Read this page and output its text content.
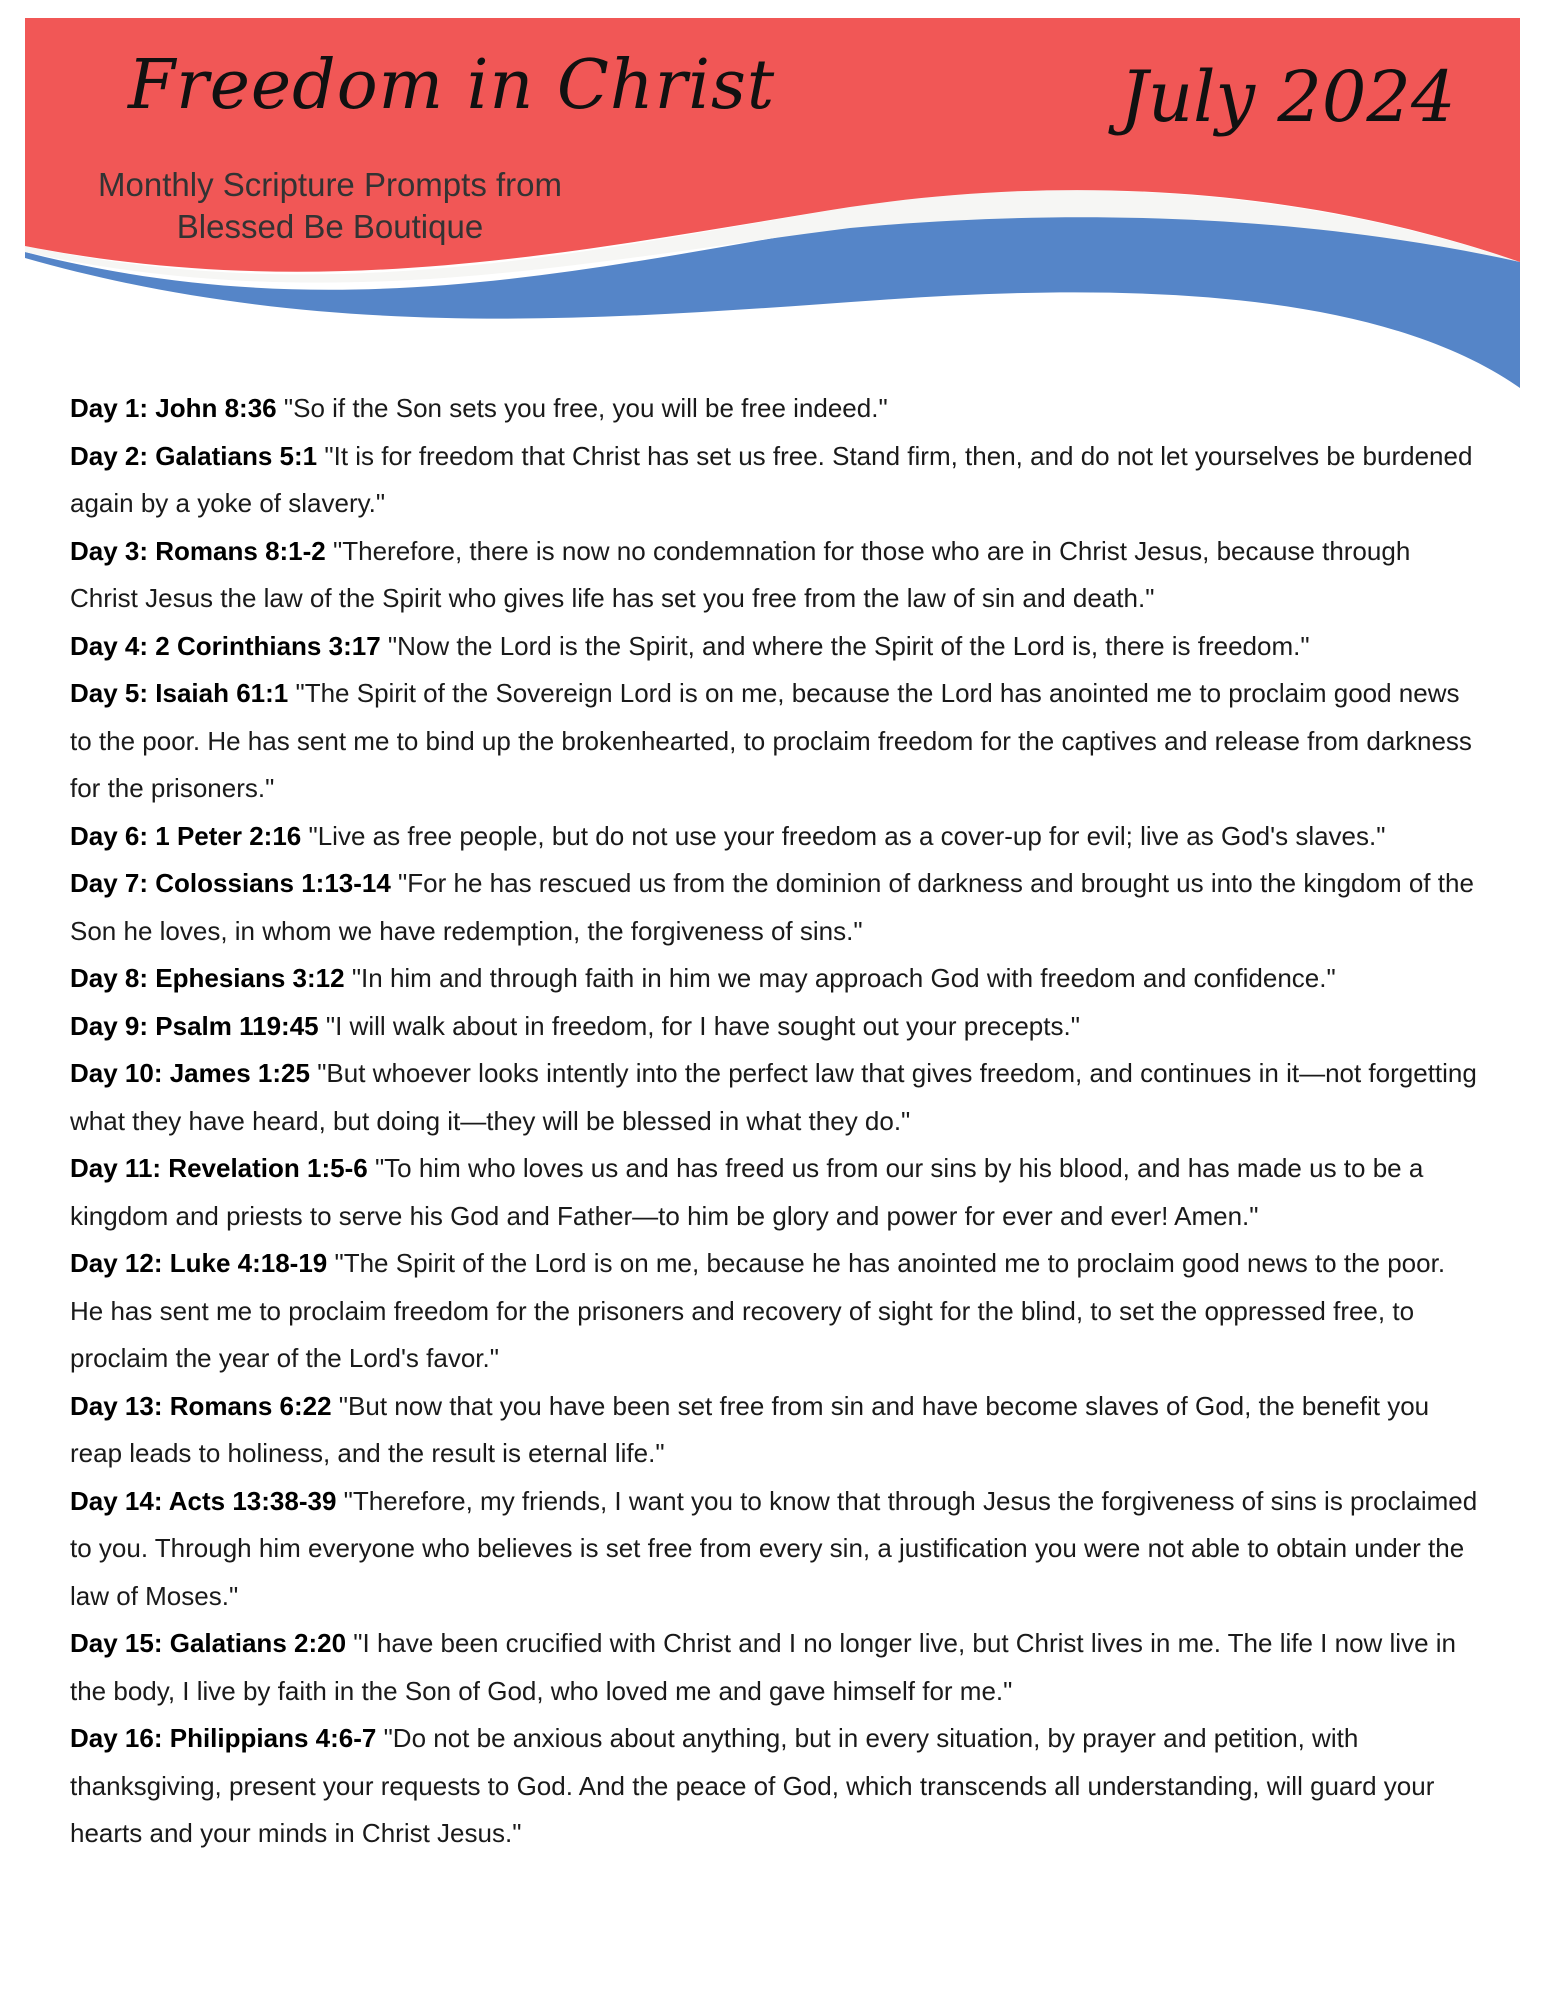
Freedom in Christ
Monthly Scripture Prompts from
Blessed Be Boutique
July 2024
Day 1: John 8:36 "So if the Son sets you free, you will be free indeed."
Day 2: Galatians 5:1 "It is for freedom that Christ has set us free. Stand firm, then, and do not let yourselves be burdened again by a yoke of slavery."
Day 3: Romans 8:1-2 "Therefore, there is now no condemnation for those who are in Christ Jesus, because through Christ Jesus the law of the Spirit who gives life has set you free from the law of sin and death."
Day 4: 2 Corinthians 3:17 "Now the Lord is the Spirit, and where the Spirit of the Lord is, there is freedom."
Day 5: Isaiah 61:1 "The Spirit of the Sovereign Lord is on me, because the Lord has anointed me to proclaim good news to the poor. He has sent me to bind up the brokenhearted, to proclaim freedom for the captives and release from darkness for the prisoners."
Day 6: 1 Peter 2:16 "Live as free people, but do not use your freedom as a cover-up for evil; live as God's slaves."
Day 7: Colossians 1:13-14 "For he has rescued us from the dominion of darkness and brought us into the kingdom of the Son he loves, in whom we have redemption, the forgiveness of sins."
Day 8: Ephesians 3:12 "In him and through faith in him we may approach God with freedom and confidence."
Day 9: Psalm 119:45 "I will walk about in freedom, for I have sought out your precepts."
Day 10: James 1:25 "But whoever looks intently into the perfect law that gives freedom, and continues in it—not forgetting what they have heard, but doing it—they will be blessed in what they do."
Day 11: Revelation 1:5-6 "To him who loves us and has freed us from our sins by his blood, and has made us to be a kingdom and priests to serve his God and Father—to him be glory and power for ever and ever! Amen."
Day 12: Luke 4:18-19 "The Spirit of the Lord is on me, because he has anointed me to proclaim good news to the poor. He has sent me to proclaim freedom for the prisoners and recovery of sight for the blind, to set the oppressed free, to proclaim the year of the Lord's favor."
Day 13: Romans 6:22 "But now that you have been set free from sin and have become slaves of God, the benefit you reap leads to holiness, and the result is eternal life."
Day 14: Acts 13:38-39 "Therefore, my friends, I want you to know that through Jesus the forgiveness of sins is proclaimed to you. Through him everyone who believes is set free from every sin, a justification you were not able to obtain under the law of Moses."
Day 15: Galatians 2:20 "I have been crucified with Christ and I no longer live, but Christ lives in me. The life I now live in the body, I live by faith in the Son of God, who loved me and gave himself for me."
Day 16: Philippians 4:6-7 "Do not be anxious about anything, but in every situation, by prayer and petition, with thanksgiving, present your requests to God. And the peace of God, which transcends all understanding, will guard your hearts and your minds in Christ Jesus."
